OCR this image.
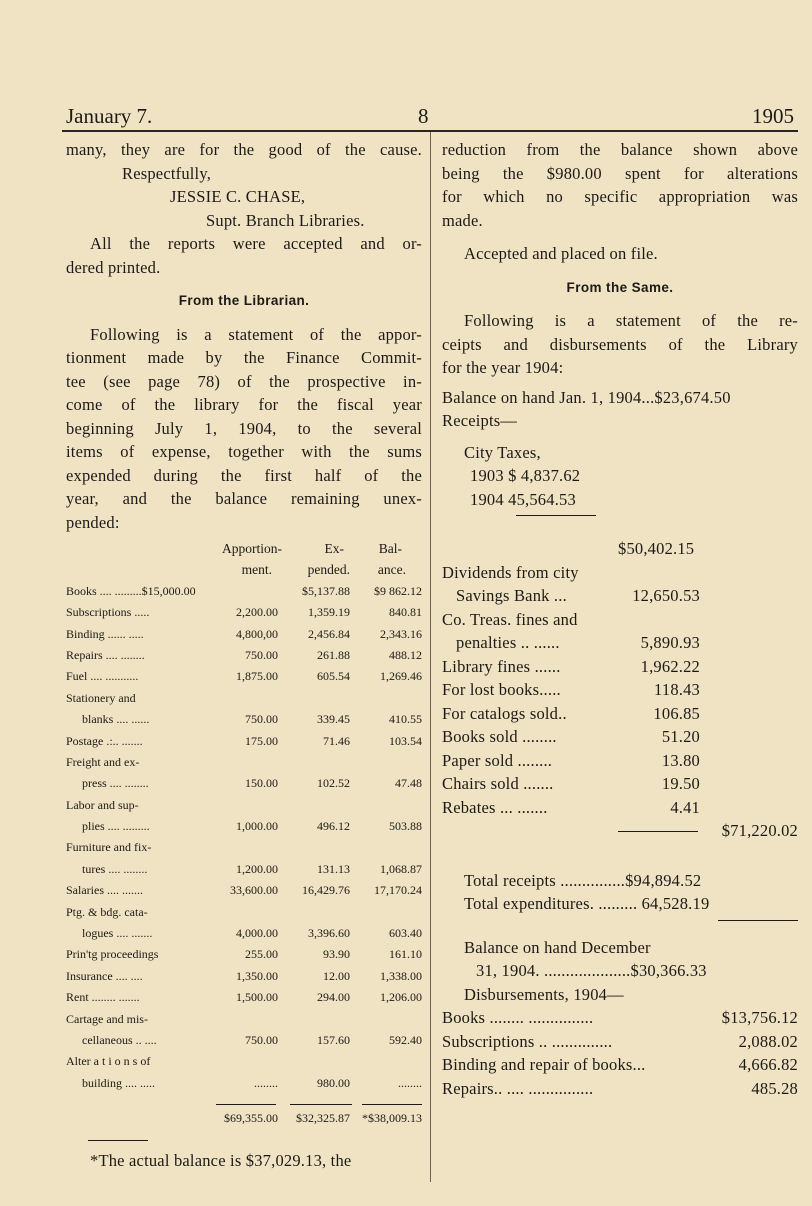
January 7.	8	1905
many, they are for the good of the cause.
Respectfully,
JESSIE C. CHASE,
Supt. Branch Libraries.
All the reports were accepted and or-
dered printed.
From the Librarian.
Following is a statement of the appor-
tionment made by the Finance Commit-
tee (see page 78) of the prospective in-
come of the library for the fiscal year
beginning July 1, 1904, to the several
items of expense, together with the sums
expended during the first half of the
year, and the balance remaining unex-
pended:
Apportion-	Ex-	Bal-
ment.	pended. ance.
Books .... .........$15,000.00	$5,137.88 $9 862.12
Subscriptions .....	2,200.00	1,359.19	840.81
Binding ...... .....	4,800,00	2,456.84	2,343.16
Repairs .... ........	750.00	261.88	488.12
Fuel .... ...........	1,875.00	605.54	1,269.46
Stationery and
blanks .... ......	750.00	339.45	410.55
Postage .:.. .......	175.00	71.46	103.54
Freight and ex-
press .... ........	150.00	102.52	47.48
Labor and sup-
plies .... .........	1,000.00	496.12	503.88
Furniture and fix-
tures .... ........	1,200.00	131.13	1,068.87
Salaries .... .......	33,600.00 16,429.76 17,170.24
Ptg. & bdg. cata-
logues .... .......	4,000.00	3,396.60	603.40
Prin'tg proceedings	255.00	93.90	161.10
Insurance .... ....	1,350.00	12.00	1,338.00
Rent ........ .......	1,500.00	294.00	1,206.00
Cartage and mis-
cellaneous .. ....	750.00	157.60	592.40
Alter a t i o n s of
building .... .....	........	980.00	........
$69,355.00 $32,325.87 *$38,009.13
*The actual balance is $37,029.13, the
reduction from the balance shown above
being the $980.00 spent for alterations
for which no specific appropriation was
made.
Accepted and placed on file.
From the Same.
Following is a statement of the re-
ceipts and disbursements of the Library
for the year 1904:
Balance on hand Jan. 1, 1904...$23,674.50
Receipts—
City Taxes,
1903 $ 4,837.62
1904 45,564.53
$50,402.15
Dividends from city
Savings Bank ...	12,650.53
Co. Treas. fines and
penalties .. ......	5,890.93
Library fines ......	1,962.22
For lost books.....	118.43
For catalogs sold..	106.85
Books sold ........	51.20
Paper sold ........	13.80
Chairs sold .......	19.50
Rebates ... .......	4.41
$71,220.02
Total receipts ...............$94,894.52
Total expenditures. ......... 64,528.19
Balance on hand December
31, 1904. ....................$30,366.33
Disbursements, 1904—
Books ........ ...............	$13,756.12
Subscriptions .. ..............	2,088.02
Binding and repair of books...	4,666.82
Repairs.. .... ...............	485.28
